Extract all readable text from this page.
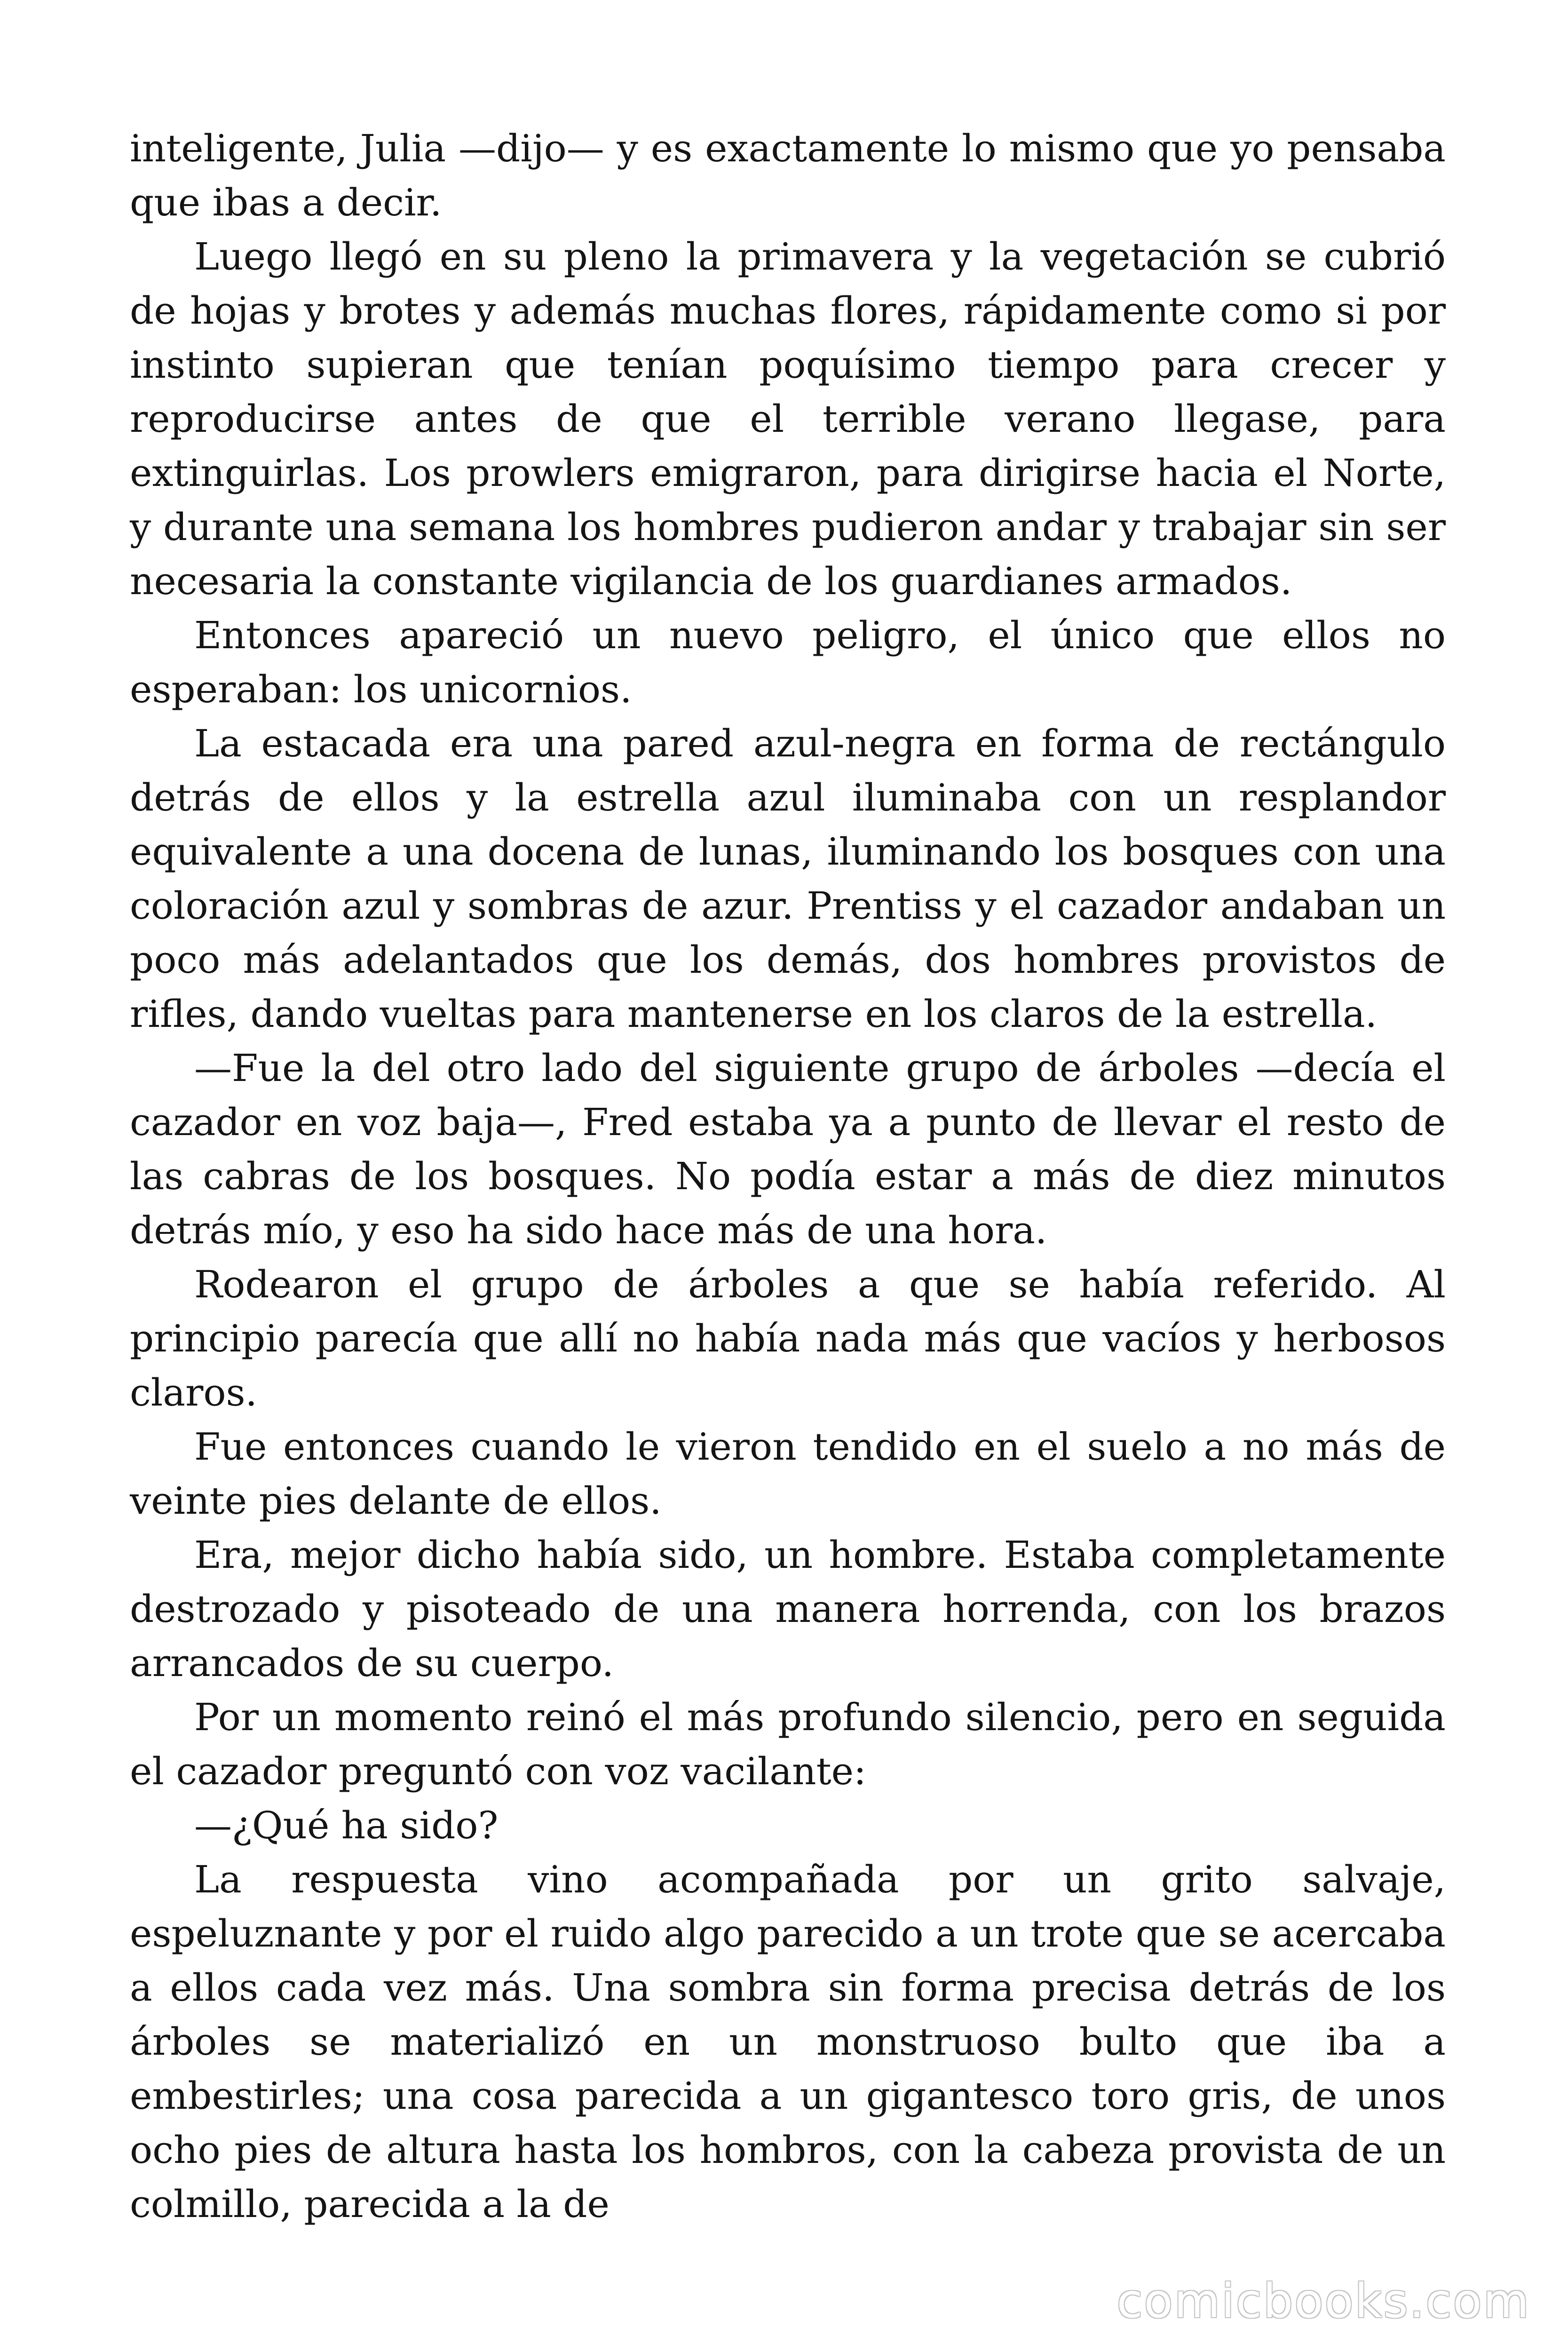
inteligente, Julia —dijo— y es exactamente lo mismo que yo pensaba que ibas a decir.

Luego llegó en su pleno la primavera y la vegetación se cubrió de hojas y brotes y además muchas flores, rápidamente como si por instinto supieran que tenían poquísimo tiempo para crecer y reproducirse antes de que el terrible verano llegase, para extinguirlas. Los prowlers emigraron, para dirigirse hacia el Norte, y durante una semana los hombres pudieron andar y trabajar sin ser necesaria la constante vigilancia de los guardianes armados.

Entonces apareció un nuevo peligro, el único que ellos no esperaban: los unicornios.

La estacada era una pared azul-negra en forma de rectángulo detrás de ellos y la estrella azul iluminaba con un resplandor equivalente a una docena de lunas, iluminando los bosques con una coloración azul y sombras de azur. Prentiss y el cazador andaban un poco más adelantados que los demás, dos hombres provistos de rifles, dando vueltas para mantenerse en los claros de la estrella.

—Fue la del otro lado del siguiente grupo de árboles —decía el cazador en voz baja—, Fred estaba ya a punto de llevar el resto de las cabras de los bosques. No podía estar a más de diez minutos detrás mío, y eso ha sido hace más de una hora.

Rodearon el grupo de árboles a que se había referido. Al principio parecía que allí no había nada más que vacíos y herbosos claros.

Fue entonces cuando le vieron tendido en el suelo a no más de veinte pies delante de ellos.

Era, mejor dicho había sido, un hombre. Estaba completamente destrozado y pisoteado de una manera horrenda, con los brazos arrancados de su cuerpo.

Por un momento reinó el más profundo silencio, pero en seguida el cazador preguntó con voz vacilante:

—¿Qué ha sido?

La respuesta vino acompañada por un grito salvaje, espeluznante y por el ruido algo parecido a un trote que se acercaba a ellos cada vez más. Una sombra sin forma precisa detrás de los árboles se materializó en un monstruoso bulto que iba a embestirles; una cosa parecida a un gigantesco toro gris, de unos ocho pies de altura hasta los hombros, con la cabeza provista de un colmillo, parecida a la de

comicbooks.com
